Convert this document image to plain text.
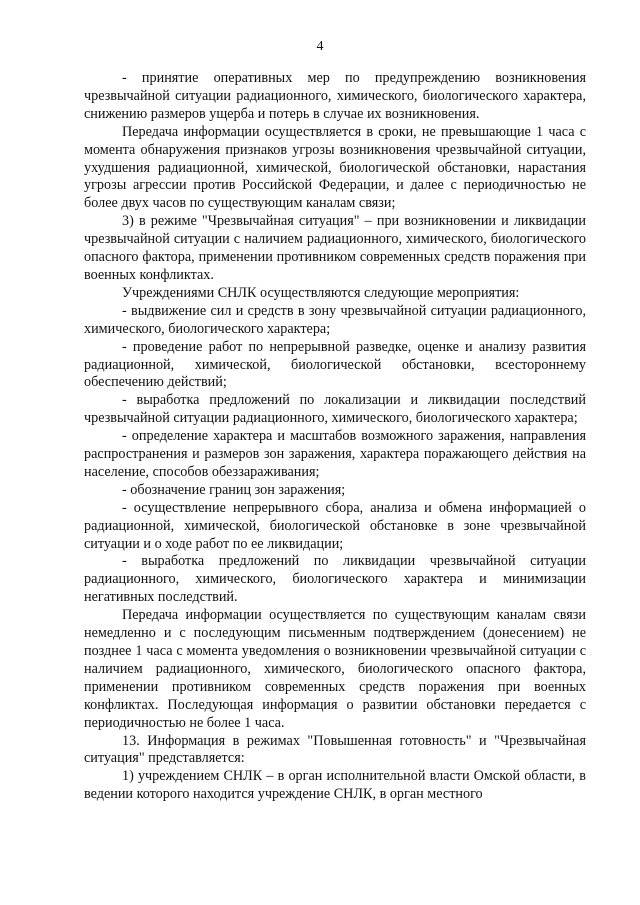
4

- принятие оперативных мер по предупреждению возникновения чрезвычайной ситуации радиационного, химического, биологического характера, снижению размеров ущерба и потерь в случае их возникновения.

Передача информации осуществляется в сроки, не превышающие 1 часа с момента обнаружения признаков угрозы возникновения чрезвычайной ситуации, ухудшения радиационной, химической, биологической обстановки, нарастания угрозы агрессии против Российской Федерации, и далее с периодичностью не более двух часов по существующим каналам связи;

3) в режиме "Чрезвычайная ситуация" – при возникновении и ликвидации чрезвычайной ситуации с наличием радиационного, химического, биологического опасного фактора, применении противником современных средств поражения при военных конфликтах.

Учреждениями СНЛК осуществляются следующие мероприятия:

- выдвижение сил и средств в зону чрезвычайной ситуации радиационного, химического, биологического характера;

- проведение работ по непрерывной разведке, оценке и анализу развития радиационной, химической, биологической обстановки, всестороннему обеспечению действий;

- выработка предложений по локализации и ликвидации последствий чрезвычайной ситуации радиационного, химического, биологического характера;

- определение характера и масштабов возможного заражения, направления распространения и размеров зон заражения, характера поражающего действия на население, способов обеззараживания;

- обозначение границ зон заражения;

- осуществление непрерывного сбора, анализа и обмена информацией о радиационной, химической, биологической обстановке в зоне чрезвычайной ситуации и о ходе работ по ее ликвидации;

- выработка предложений по ликвидации чрезвычайной ситуации радиационного, химического, биологического характера и минимизации негативных последствий.

Передача информации осуществляется по существующим каналам связи немедленно и с последующим письменным подтверждением (донесением) не позднее 1 часа с момента уведомления о возникновении чрезвычайной ситуации с наличием радиационного, химического, биологического опасного фактора, применении противником современных средств поражения при военных конфликтах. Последующая информация о развитии обстановки передается с периодичностью не более 1 часа.

13. Информация в режимах "Повышенная готовность" и "Чрезвычайная ситуация" представляется:

1) учреждением СНЛК – в орган исполнительной власти Омской области, в ведении которого находится учреждение СНЛК, в орган местного
